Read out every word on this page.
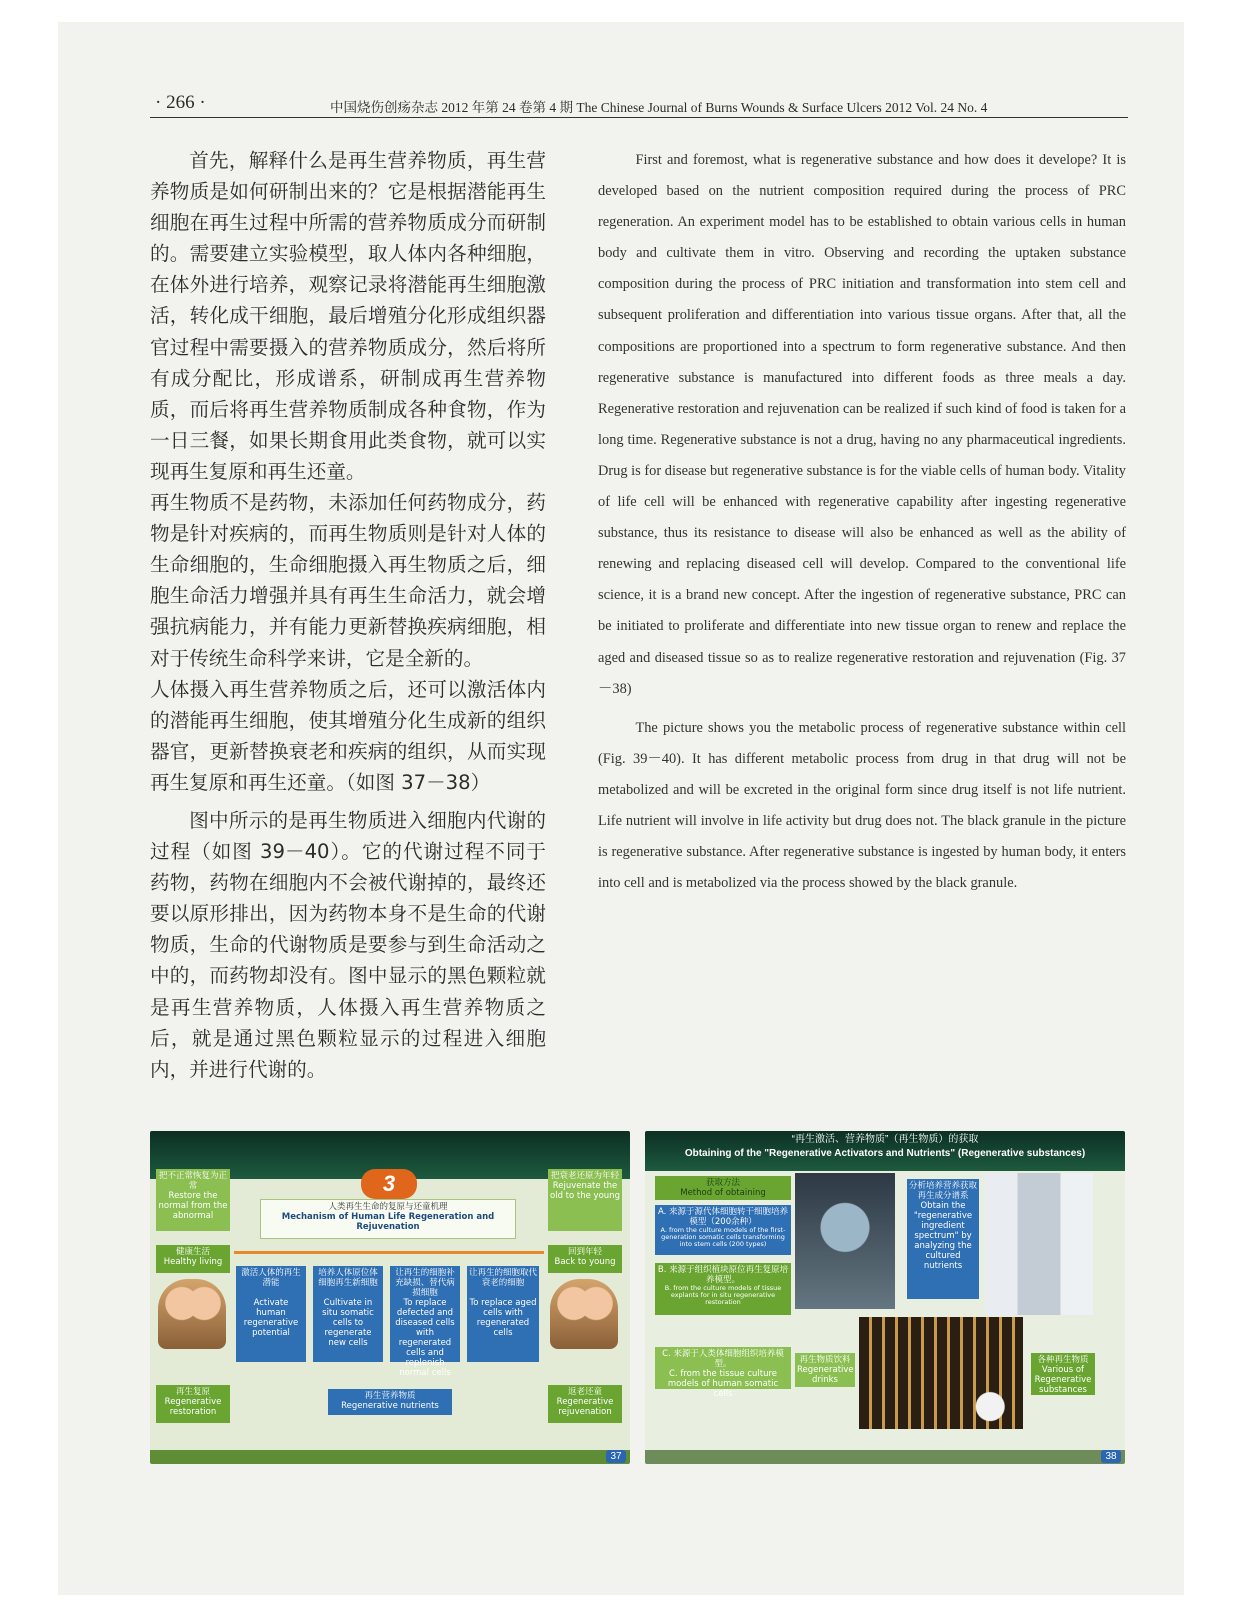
· 266 ·	中国烧伤创疡杂志 2012 年第 24 卷第 4 期 The Chinese Journal of Burns Wounds & Surface Ulcers 2012 Vol. 24 No. 4

首先，解释什么是再生营养物质，再生营养物质是如何研制出来的？它是根据潜能再生细胞在再生过程中所需的营养物质成分而研制的。需要建立实验模型，取人体内各种细胞，在体外进行培养，观察记录将潜能再生细胞激活，转化成干细胞，最后增殖分化形成组织器官过程中需要摄入的营养物质成分，然后将所有成分配比，形成谱系，研制成再生营养物质，而后将再生营养物质制成各种食物，作为一日三餐，如果长期食用此类食物，就可以实现再生复原和再生还童。

再生物质不是药物，未添加任何药物成分，药物是针对疾病的，而再生物质则是针对人体的生命细胞的，生命细胞摄入再生物质之后，细胞生命活力增强并具有再生生命活力，就会增强抗病能力，并有能力更新替换疾病细胞，相对于传统生命科学来讲，它是全新的。

人体摄入再生营养物质之后，还可以激活体内的潜能再生细胞，使其增殖分化生成新的组织器官，更新替换衰老和疾病的组织，从而实现再生复原和再生还童。（如图 37－38）

图中所示的是再生物质进入细胞内代谢的过程（如图 39－40）。它的代谢过程不同于药物，药物在细胞内不会被代谢掉的，最终还要以原形排出，因为药物本身不是生命的代谢物质，生命的代谢物质是要参与到生命活动之中的，而药物却没有。图中显示的黑色颗粒就是再生营养物质，人体摄入再生营养物质之后，就是通过黑色颗粒显示的过程进入细胞内，并进行代谢的。

First and foremost, what is regenerative substance and how does it develope? It is developed based on the nutrient composition required during the process of PRC regeneration. An experiment model has to be established to obtain various cells in human body and cultivate them in vitro. Observing and recording the uptaken substance composition during the process of PRC initiation and transformation into stem cell and subsequent proliferation and differentiation into various tissue organs. After that, all the compositions are proportioned into a spectrum to form regenerative substance. And then regenerative substance is manufactured into different foods as three meals a day. Regenerative restoration and rejuvenation can be realized if such kind of food is taken for a long time. Regenerative substance is not a drug, having no any pharmaceutical ingredients. Drug is for disease but regenerative substance is for the viable cells of human body. Vitality of life cell will be enhanced with regenerative capability after ingesting regenerative substance, thus its resistance to disease will also be enhanced as well as the ability of renewing and replacing diseased cell will develop. Compared to the conventional life science, it is a brand new concept. After the ingestion of regenerative substance, PRC can be initiated to proliferate and differentiate into new tissue organ to renew and replace the aged and diseased tissue so as to realize regenerative restoration and rejuvenation (Fig. 37－38)

The picture shows you the metabolic process of regenerative substance within cell (Fig. 39－40). It has different metabolic process from drug in that drug will not be metabolized and will be excreted in the original form since drug itself is not life nutrient. Life nutrient will involve in life activity but drug does not. The black granule in the picture is regenerative substance. After regenerative substance is ingested by human body, it enters into cell and is metabolized via the process showed by the black granule.

3
人类再生生命的复原与还童机理
Mechanism of Human Life Regeneration and Rejuvenation
把不正常恢复为正常
Restore the normal from the abnormal
把衰老还原为年轻
Rejuvenate the old to the young
健康生活
Healthy living
回到年轻
Back to young
激活人体的再生潜能

Activate human regenerative potential
培养人体原位体细胞再生新细胞

Cultivate in situ somatic cells to regenerate new cells
让再生的细胞补充缺损、替代病损细胞
To replace defected and diseased cells with regenerated cells and replenish normal cells
让再生的细胞取代衰老的细胞

To replace aged cells with regenerated cells
再生复原
Regenerative restoration
再生营养物质
Regenerative nutrients
返老还童
Regenerative rejuvenation
37
“再生激活、营养物质”（再生物质）的获取
Obtaining of the "Regenerative Activators and Nutrients" (Regenerative substances)
获取方法
Method of obtaining
A. 来源于源代体细胞转干细胞培养模型（200余种）
A. from the culture models of the first-generation somatic cells transforming into stem cells (200 types)
B. 来源于组织植块原位再生复原培养模型。
B. from the culture models of tissue explants for in situ regenerative restoration
分析培养营养获取再生成分谱系
Obtain the "regenerative ingredient spectrum" by analyzing the cultured nutrients
C. 来源于人类体细胞组织培养模型。
C. from the tissue culture models of human somatic cells
再生物质饮料
Regenerative drinks
各种再生物质
Various of Regenerative substances
38
